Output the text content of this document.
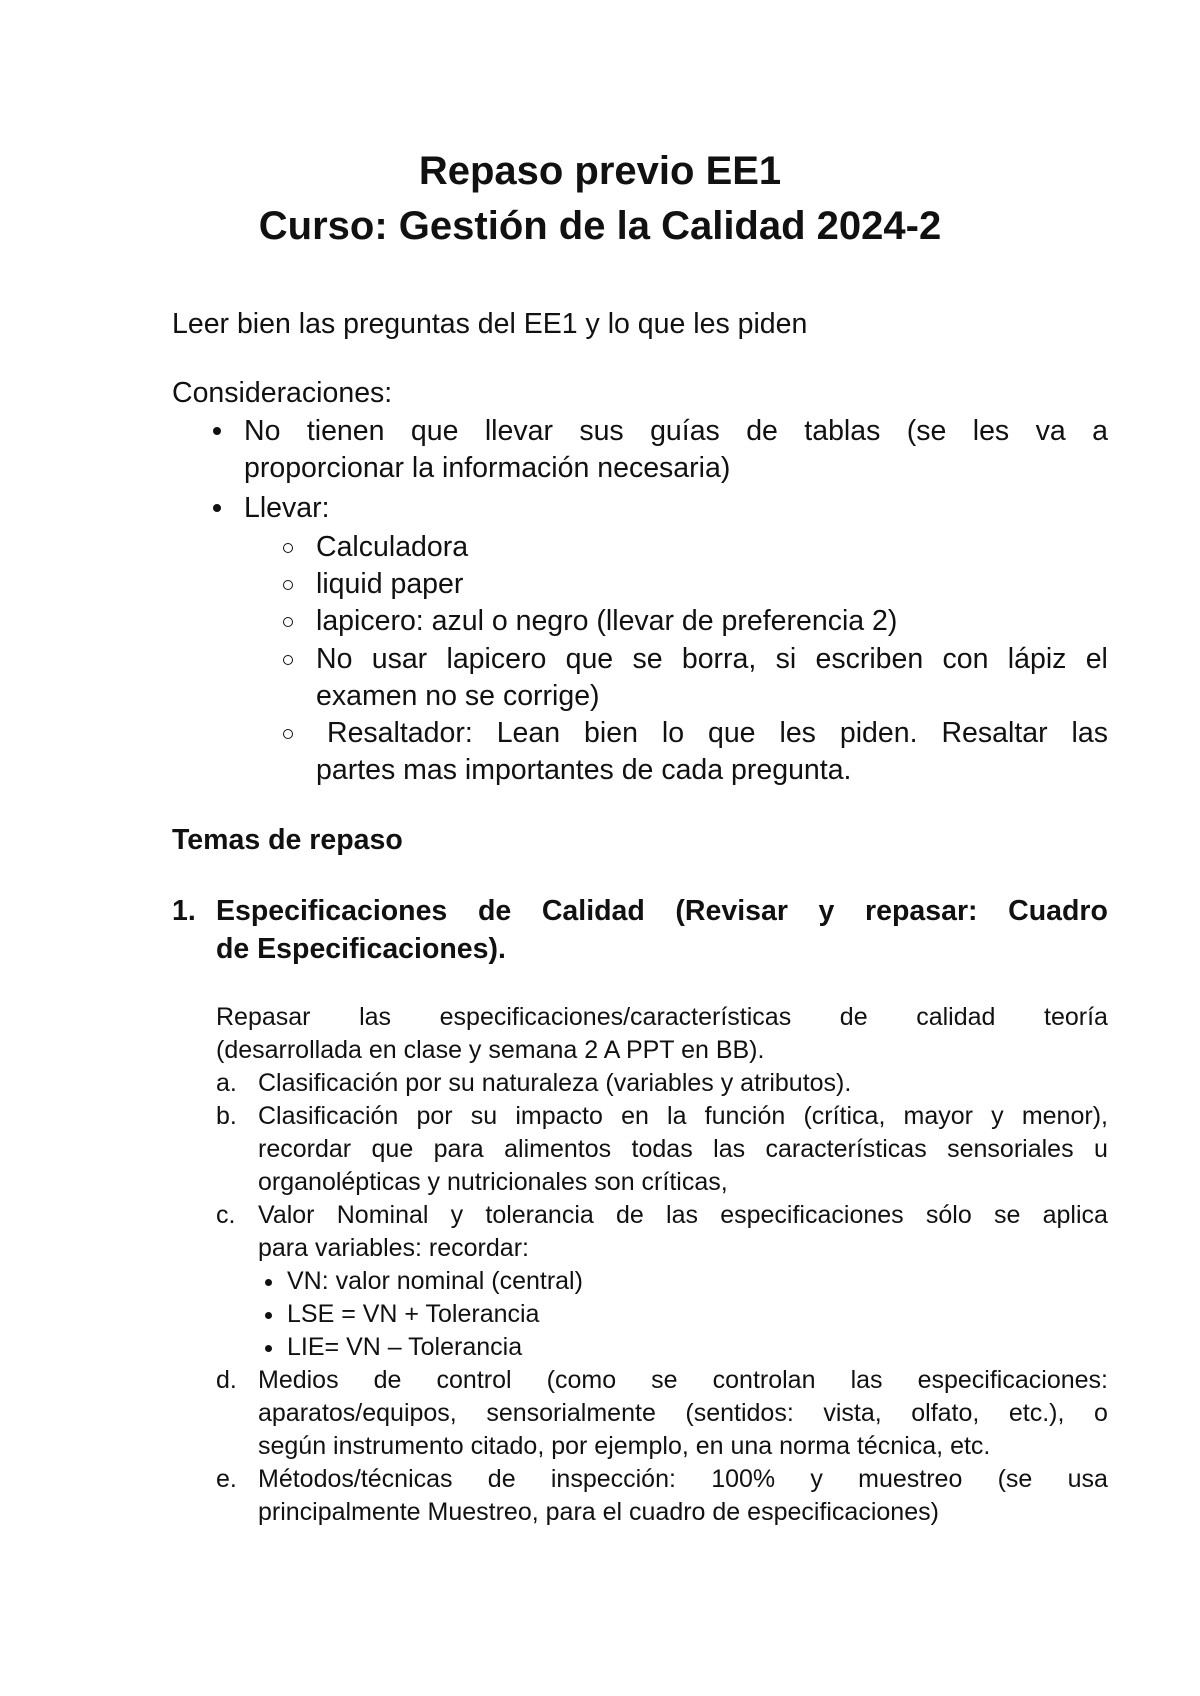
Repaso previo EE1
Curso: Gestión de la Calidad 2024-2
Leer bien las preguntas del EE1 y lo que les piden
Consideraciones:
No tienen que llevar sus guías de tablas (se les va a
proporcionar la información necesaria)
Llevar:
Calculadora
liquid paper
lapicero: azul o negro (llevar de preferencia 2)
No usar lapicero que se borra, si escriben con lápiz el
examen no se corrige)
Resaltador: Lean bien lo que les piden. Resaltar las
partes mas importantes de cada pregunta.
Temas de repaso
1. Especificaciones de Calidad (Revisar y repasar: Cuadro
de Especificaciones).
Repasar las especificaciones/características de calidad teoría
(desarrollada en clase y semana 2 A PPT en BB).
a. Clasificación por su naturaleza (variables y atributos).
b. Clasificación por su impacto en la función (crítica, mayor y menor),
recordar que para alimentos todas las características sensoriales u
organolépticas y nutricionales son críticas,
c. Valor Nominal y tolerancia de las especificaciones sólo se aplica
para variables: recordar:
VN: valor nominal (central)
LSE = VN + Tolerancia
LIE= VN – Tolerancia
d. Medios de control (como se controlan las especificaciones:
aparatos/equipos, sensorialmente (sentidos: vista, olfato, etc.), o
según instrumento citado, por ejemplo, en una norma técnica, etc.
e. Métodos/técnicas de inspección: 100% y muestreo (se usa
principalmente Muestreo, para el cuadro de especificaciones)
